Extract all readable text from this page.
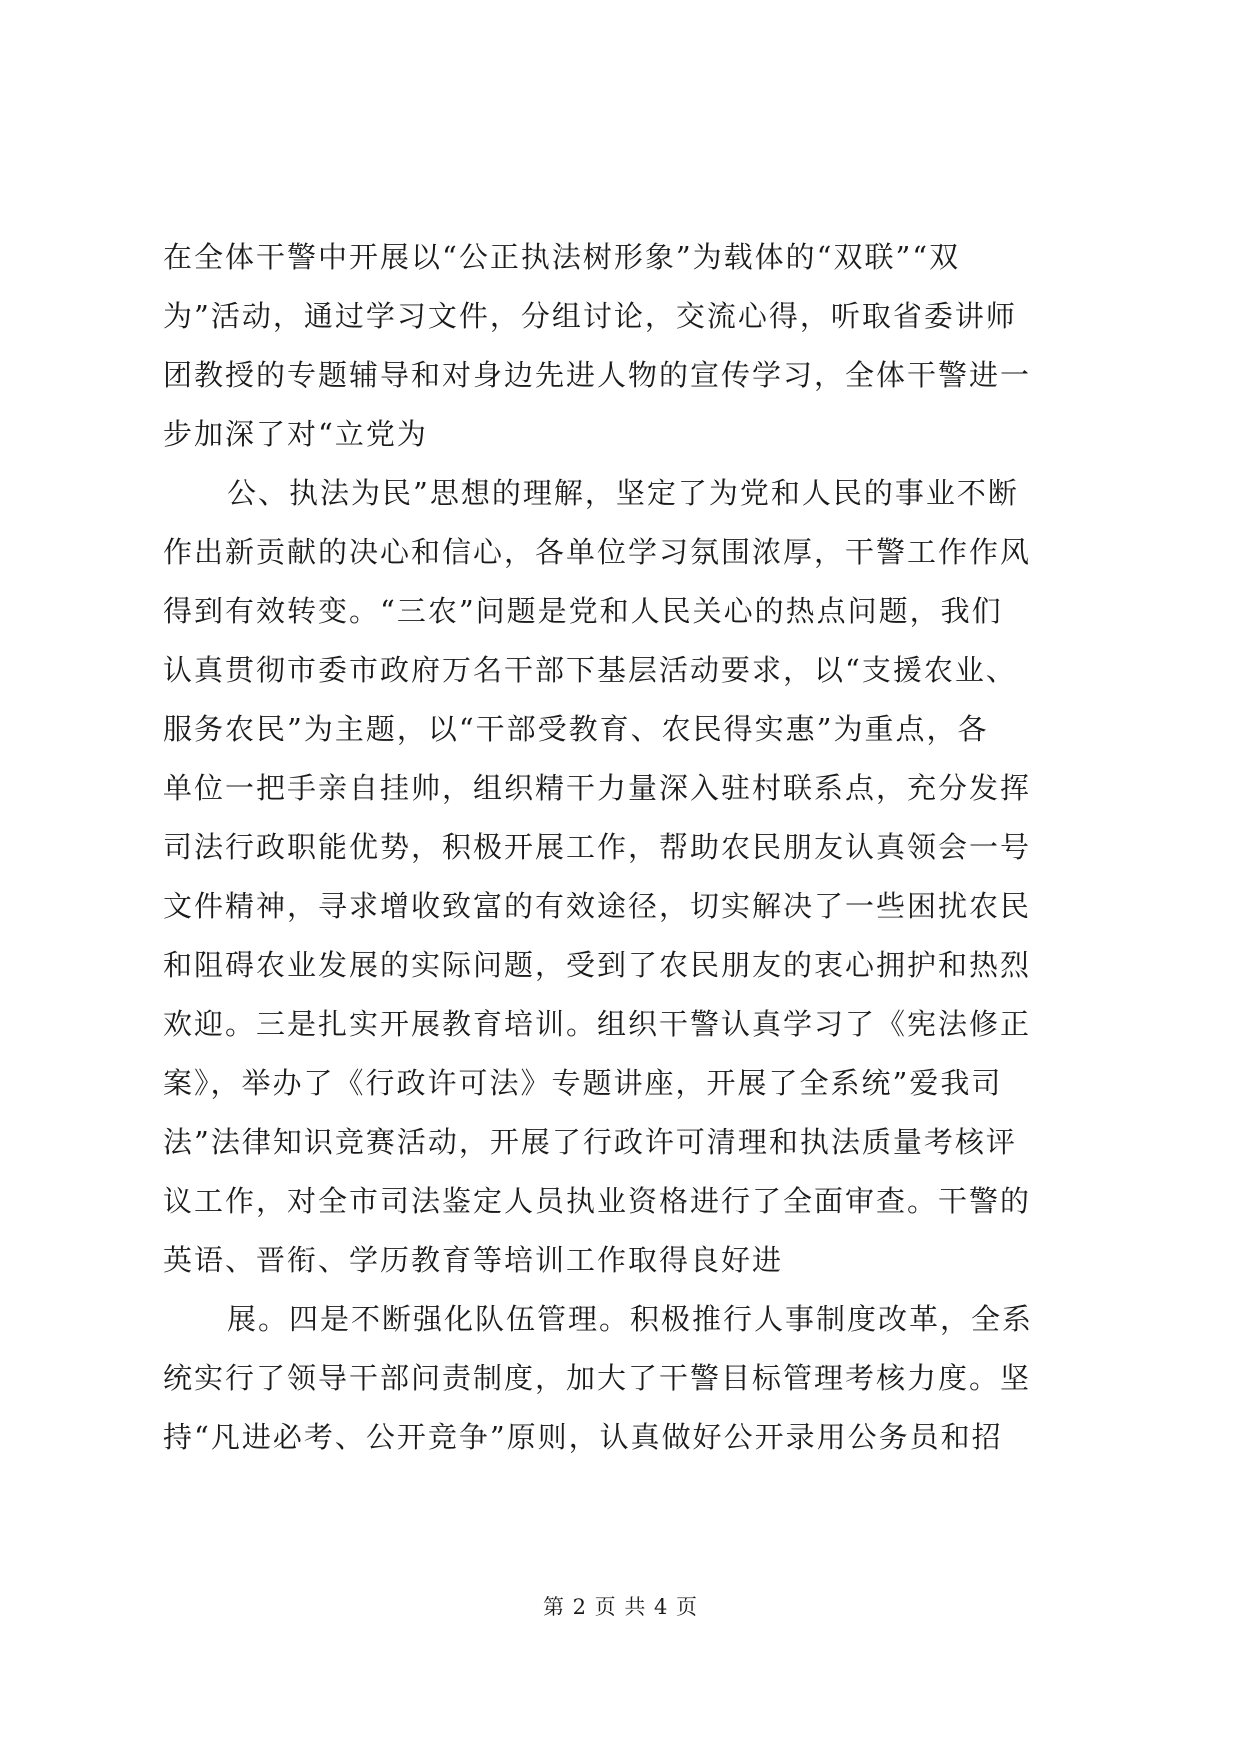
在全体干警中开展以“公正执法树形象”为载体的“双联”“双
为”活动，通过学习文件，分组讨论，交流心得，听取省委讲师
团教授的专题辅导和对身边先进人物的宣传学习，全体干警进一
步加深了对“立党为
公、执法为民”思想的理解，坚定了为党和人民的事业不断
作出新贡献的决心和信心，各单位学习氛围浓厚，干警工作作风
得到有效转变。“三农”问题是党和人民关心的热点问题，我们
认真贯彻市委市政府万名干部下基层活动要求，以“支援农业、
服务农民”为主题，以“干部受教育、农民得实惠”为重点，各
单位一把手亲自挂帅，组织精干力量深入驻村联系点，充分发挥
司法行政职能优势，积极开展工作，帮助农民朋友认真领会一号
文件精神，寻求增收致富的有效途径，切实解决了一些困扰农民
和阻碍农业发展的实际问题，受到了农民朋友的衷心拥护和热烈
欢迎。三是扎实开展教育培训。组织干警认真学习了《宪法修正
案》，举办了《行政许可法》专题讲座，开展了全系统”爱我司
法”法律知识竞赛活动，开展了行政许可清理和执法质量考核评
议工作，对全市司法鉴定人员执业资格进行了全面审查。干警的
英语、晋衔、学历教育等培训工作取得良好进
展。四是不断强化队伍管理。积极推行人事制度改革，全系
统实行了领导干部问责制度，加大了干警目标管理考核力度。坚
持“凡进必考、公开竞争”原则，认真做好公开录用公务员和招
第 2 页 共 4 页
